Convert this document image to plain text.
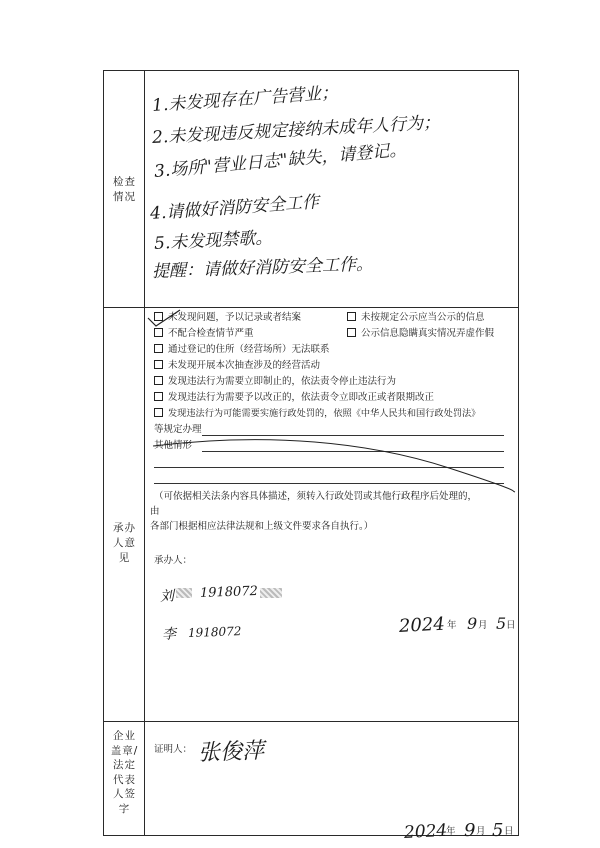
检查
情况
1.未发现存在广告营业；
2.未发现违反规定接纳未成年人行为；
3.场所"营业日志"缺失，请登记。
4.请做好消防安全工作
5.未发现禁歌。
提醒：请做好消防安全工作。
承办
人意
见
未发现问题，予以记录或者结案	未按规定公示应当公示的信息
不配合检查情节严重	公示信息隐瞒真实情况弄虚作假
通过登记的住所（经营场所）无法联系
未发现开展本次抽查涉及的经营活动
发现违法行为需要立即制止的，依法责令停止违法行为
发现违法行为需要予以改正的，依法责令立即改正或者限期改正
发现违法行为可能需要实施行政处罚的，依照《中华人民共和国行政处罚法》
等规定办理
其他情形
（可依据相关法条内容具体描述，须转入行政处罚或其他行政程序后处理的，
由
各部门根据相应法律法规和上级文件要求各自执行。）
承办人：
刘 1918072
李 1918072	2024 年 9 月 5 日
企业
盖章/
法定
代表
人签
字
证明人： 张俊萍
2024
年 9 月 5 日
